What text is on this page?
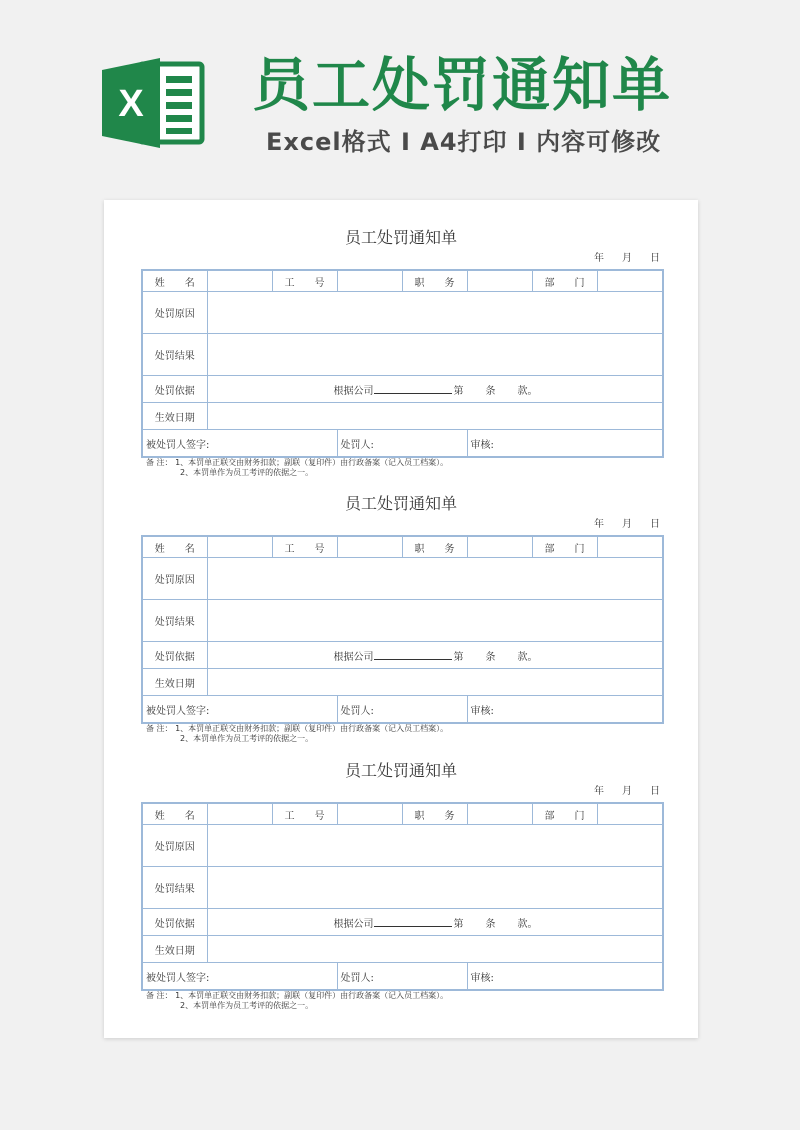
X 员工处罚通知单
Excel格式 I A4打印 I 内容可修改
员工处罚通知单
年 月 日
姓　　名		工　　号		职　　务		部　　门	
处罚原因							
处罚结果							
处罚依据	根据公司 第 条 款。						
生效日期							
被处罚人签字:			处罚人:		审核:		
备 注： 1、本罚单正联交由财务扣款；副联（复印件）由行政备案（记入员工档案）。
2、本罚单作为员工考评的依据之一。
员工处罚通知单
年 月 日
姓　　名		工　　号		职　　务		部　　门	
处罚原因							
处罚结果							
处罚依据	根据公司 第 条 款。						
生效日期							
被处罚人签字:			处罚人:		审核:		
备 注： 1、本罚单正联交由财务扣款；副联（复印件）由行政备案（记入员工档案）。
2、本罚单作为员工考评的依据之一。
员工处罚通知单
年 月 日
姓　　名		工　　号		职　　务		部　　门	
处罚原因							
处罚结果							
处罚依据	根据公司 第 条 款。						
生效日期							
被处罚人签字:			处罚人:		审核:		
备 注： 1、本罚单正联交由财务扣款；副联（复印件）由行政备案（记入员工档案）。
2、本罚单作为员工考评的依据之一。
